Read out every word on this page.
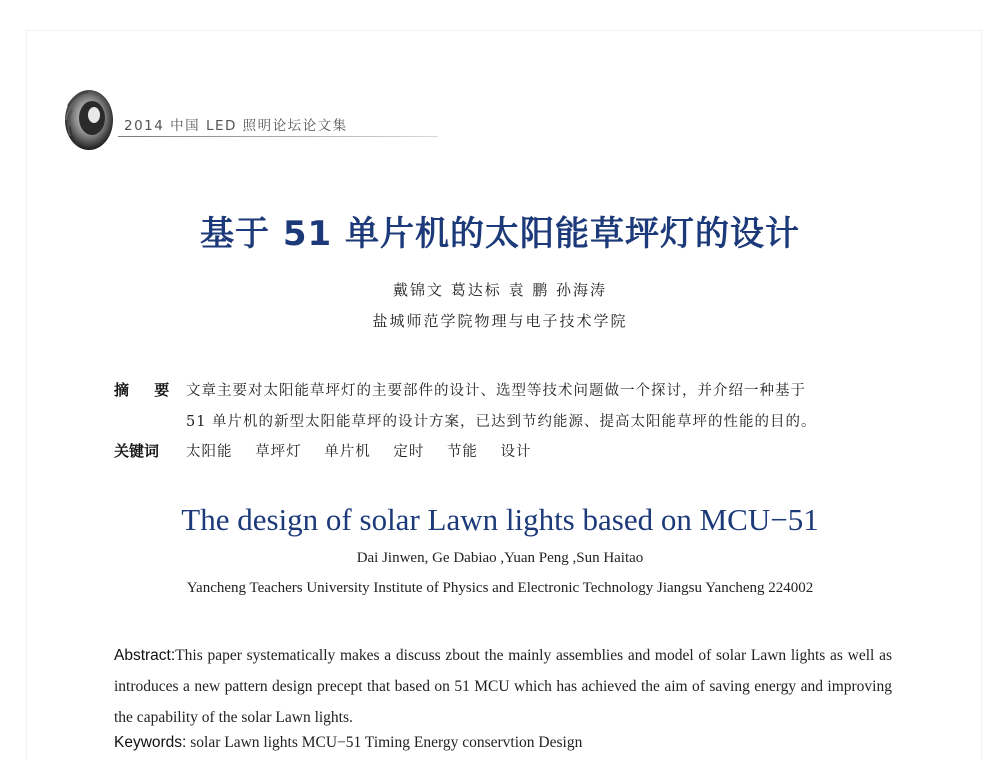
2014 中国 LED 照明论坛论文集
基于 51 单片机的太阳能草坪灯的设计
戴锦文 葛达标 袁 鹏 孙海涛
盐城师范学院物理与电子技术学院
摘 要 文章主要对太阳能草坪灯的主要部件的设计、选型等技术问题做一个探讨，并介绍一种基于
51 单片机的新型太阳能草坪的设计方案，已达到节约能源、提高太阳能草坪的性能的目的。
关键词 太阳能 草坪灯 单片机 定时 节能 设计
The design of solar Lawn lights based on MCU−51
Dai Jinwen, Ge Dabiao ,Yuan Peng ,Sun Haitao
Yancheng Teachers University Institute of Physics and Electronic Technology Jiangsu Yancheng 224002
Abstract:This paper systematically makes a discuss zbout the mainly assemblies and model of solar Lawn lights as well as introduces a new pattern design precept that based on 51 MCU which has achieved the aim of saving energy and improving the capability of the solar Lawn lights.
Keywords: solar Lawn lights MCU−51 Timing Energy conservtion Design
